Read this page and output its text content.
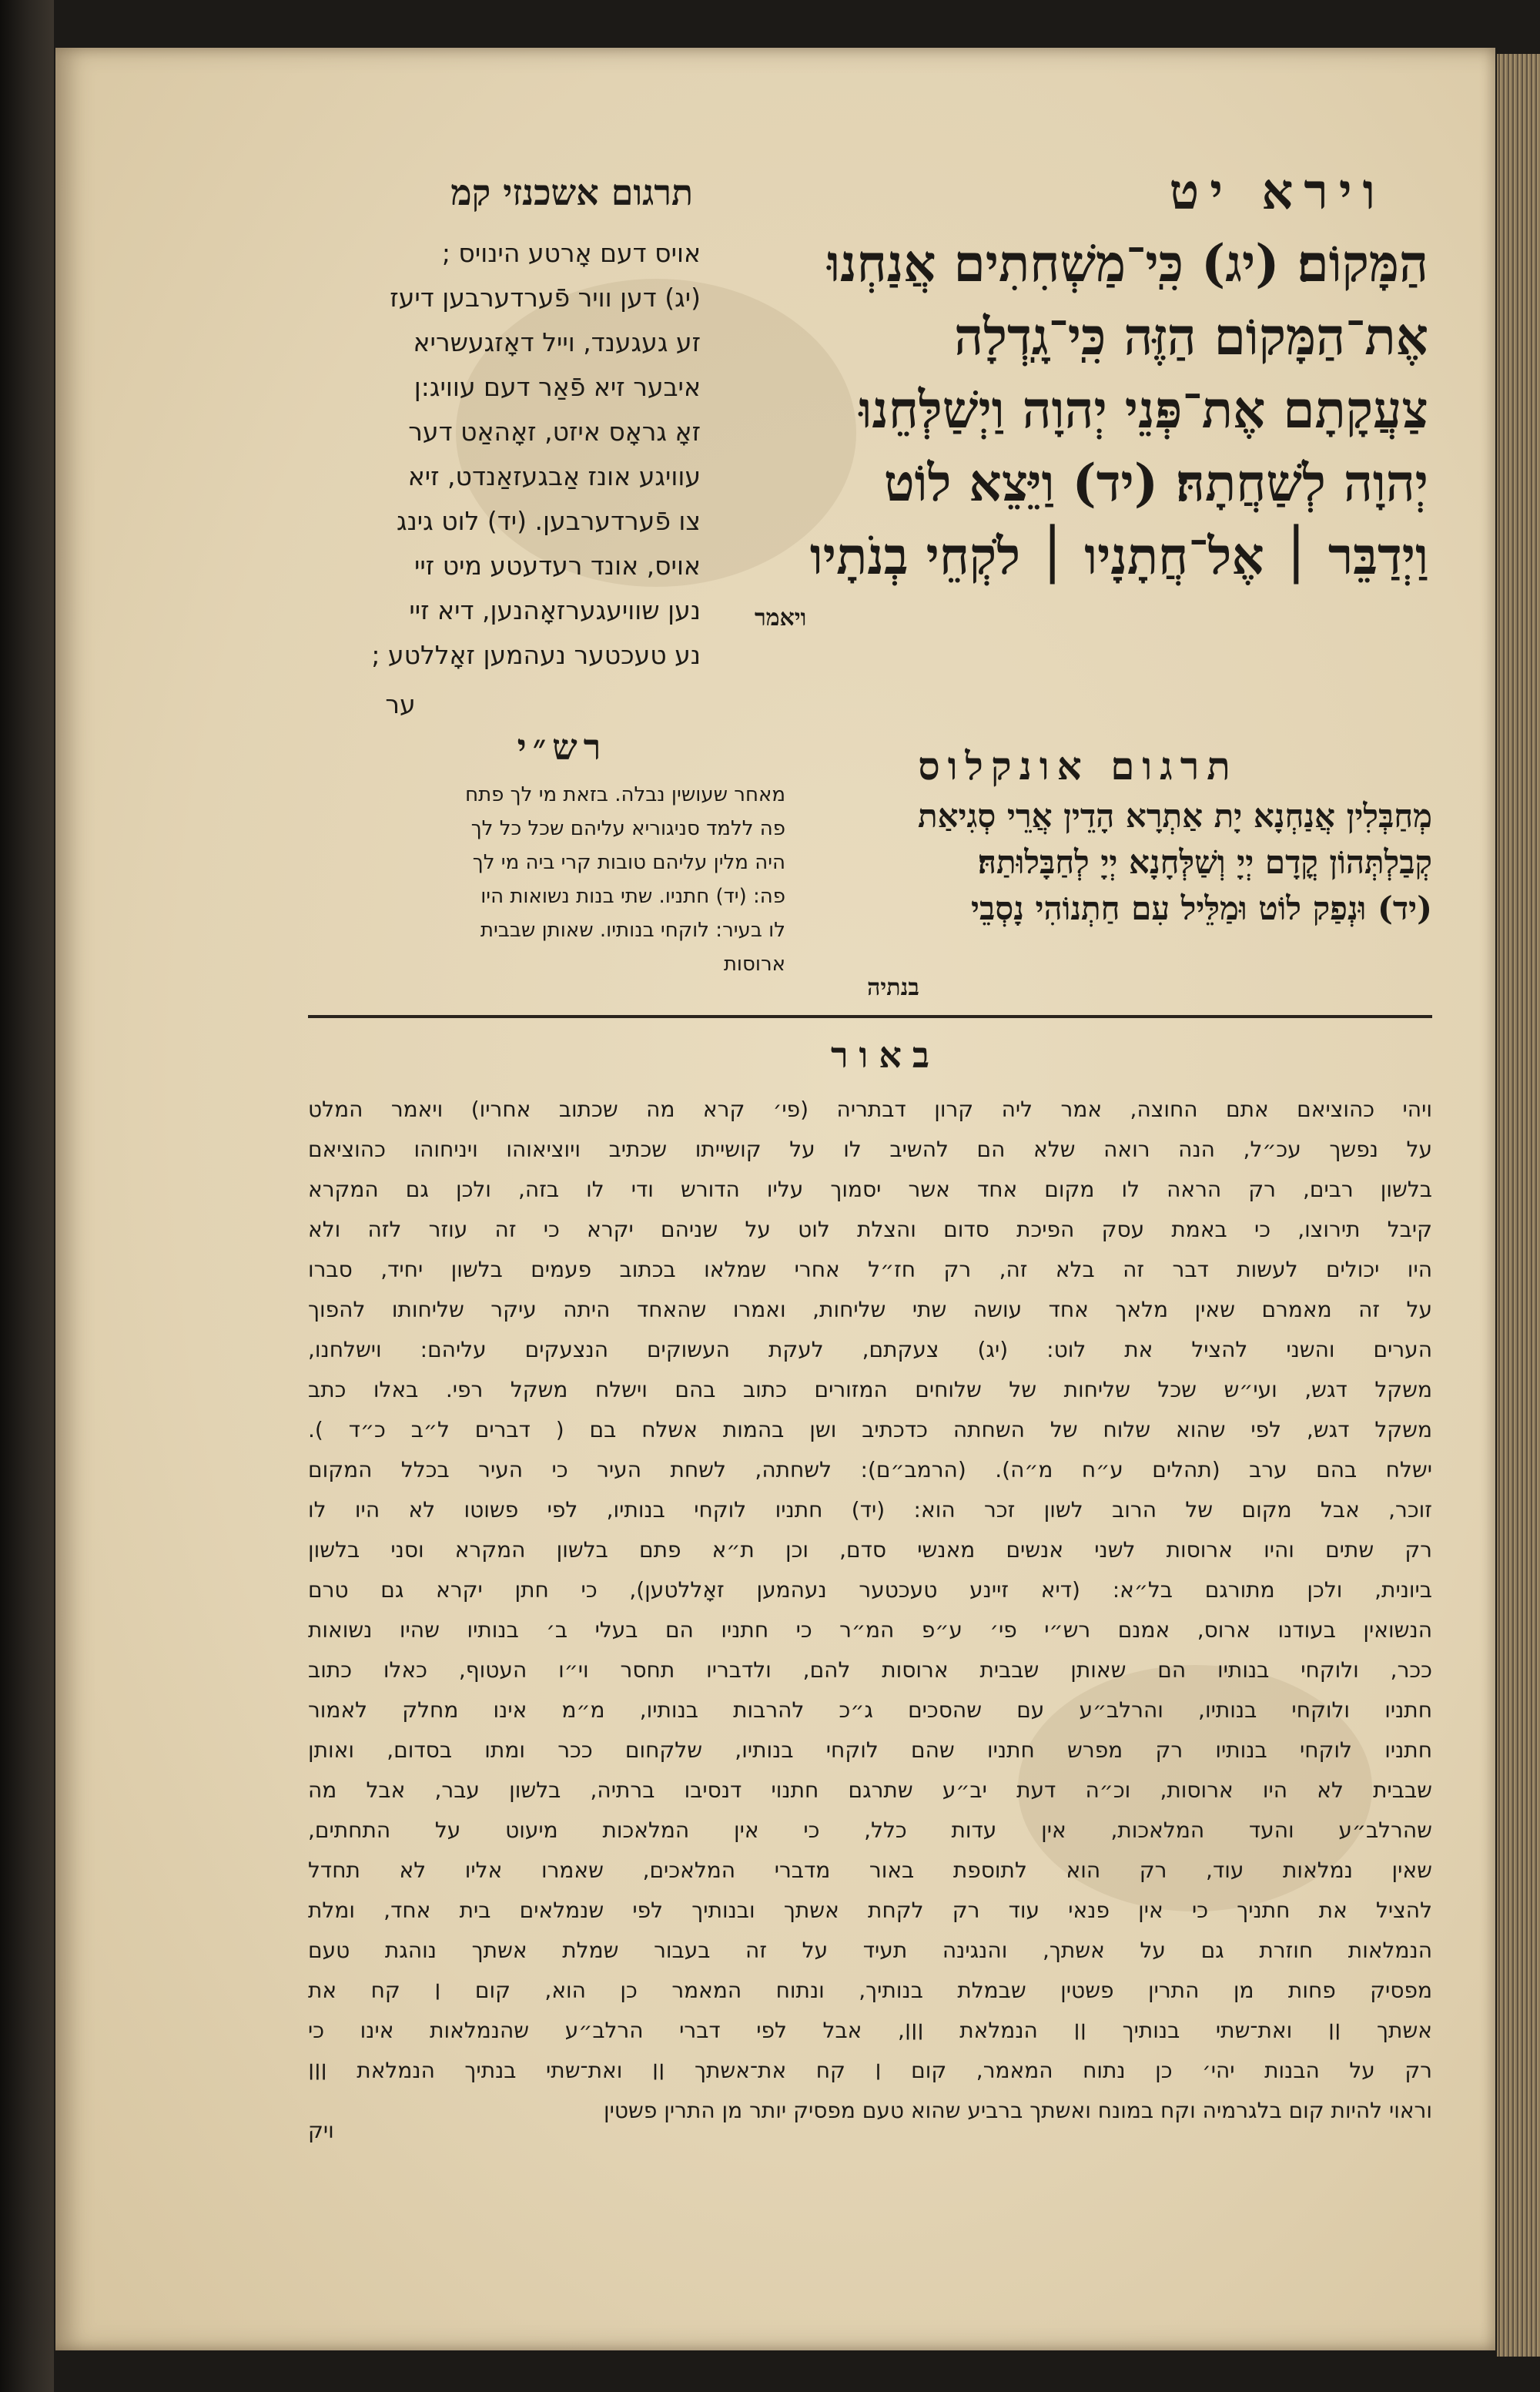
וירא יט
תרגום אשכנזי קמ
הַמָּקוֹם׃ (יג) כִּֽי־מַשְׁחִתִים אֲנַחְנוּ
אֶת־הַמָּקוֹם הַזֶּה כִּֽי־גָֽדְלָה
צַעֲקָתָם אֶת־פְּנֵי יְהוָה וַיְשַׁלְּחֵנוּ
יְהוָה לְשַׁחֲתָהּ׃ (יד) וַיֵּצֵא לוֹט
וַיְדַבֵּר ׀ אֶל־חֲתָנָיו ׀ לֹקְחֵי בְנֹתָיו
ויאמר
אויס דעם אָרטע הינויס ;
(יג) דען וויר פֿערדערבען דיעז
זע געגענד, וייל דאָזגעשריא
איבער זיא פֿאַר דעם עוויג:ן
זאָ גראָס איזט, זאָהאַט דער
עוויגע אונז אַבגעזאַנדט, זיא
צו פֿערדערבען. (יד) לוט גינג
אויס, אונד רעדעטע מיט זיי
נען שוויעגערזאָהנען, דיא זיי
נע טעכטער נעהמען זאָללטע ;
ער
תרגום אונקלוס
מְחַבְּלִין אֲנַחְנָא יָת אַתְרָא הָדֵין אֲרֵי סְגִיאַת
קְבַלְתְּהוֹן קֳדָם יְיָ וְשַׁלְּחָנָא יְיָ לְחַבָּלוּתַהּ׃
(יד) וּנְפַק לוֹט וּמַלֵּיל עִם חַתְנוֹהִי נָסְבֵי
בנתיה
רש״י
מאחר שעושין נבלה. בזאת מי לך פתח
פה ללמד סניגוריא עליהם שכל כל לך
היה מלין עליהם טובות קרי ביה מי לך
פה: (יד) חתניו. שתי בנות נשואות היו
לו בעיר: לוקחי בנותיו. שאותן שבבית
ארוסות
באור
ויהי כהוציאם אתם החוצה, אמר ליה קרון דבתריה (פי׳ קרא מה שכתוב אחריו) ויאמר המלט
על נפשך עכ״ל, הנה רואה שלא הם להשיב לו על קושייתו שכתיב ויוציאוהו ויניחוהו כהוציאם
בלשון רבים, רק הראה לו מקום אחד אשר יסמוך עליו הדורש ודי לו בזה, ולכן גם המקרא
קיבל תירוצו, כי באמת עסק הפיכת סדום והצלת לוט על שניהם יקרא כי זה עוזר לזה ולא
היו יכולים לעשות דבר זה בלא זה, רק חז״ל אחרי שמלאו בכתוב פעמים בלשון יחיד, סברו
על זה מאמרם שאין מלאך אחד עושה שתי שליחות, ואמרו שהאחד היתה עיקר שליחותו להפוך
הערים והשני להציל את לוט: (יג) צעקתם, לעקת העשוקים הנצעקים עליהם: וישלחנו,
משקל דגש, ועי״ש שכל שליחות של שלוחים המזורים כתוב בהם וישלח משקל רפי. באלו כתב
משקל דגש, לפי שהוא שלוח של השחתה כדכתיב ושן בהמות אשלח בם ( דברים ל״ב כ״ד ).
ישלח בהם ערב (תהלים ע״ח מ״ה). (הרמב״ם): לשחתה, לשחת העיר כי העיר בכלל המקום
זוכר, אבל מקום של הרוב לשון זכר הוא: (יד) חתניו לוקחי בנותיו, לפי פשוטו לא היו לו
רק שתים והיו ארוסות לשני אנשים מאנשי סדם, וכן ת״א פתם בלשון המקרא וסני בלשון
ביונית, ולכן מתורגם בל״א: (דיא זיינע טעכטער נעהמען זאָללטען), כי חתן יקרא גם טרם
הנשואין בעודנו ארוס, אמנם רש״י פי׳ ע״פ המ״ר כי חתניו הם בעלי ב׳ בנותיו שהיו נשואות
ככר, ולוקחי בנותיו הם שאותן שבבית ארוסות להם, ולדבריו תחסר וי״ו העטוף, כאלו כתוב
חתניו ולוקחי בנותיו, והרלב״ע עם שהסכים ג״כ להרבות בנותיו, מ״מ אינו מחלק לאמור
חתניו לוקחי בנותיו רק מפרש חתניו שהם לוקחי בנותיו, שלקחום ככר ומתו בסדום, ואותן
שבבית לא היו ארוסות, וכ״ה דעת יב״ע שתרגם חתנוי דנסיבו ברתיה, בלשון עבר, אבל מה
שהרלב״ע והעד המלאכות, אין עדות כלל, כי אין המלאכות מיעוט על התחתים,
שאין נמלאות עוד, רק הוא לתוספת באור מדברי המלאכים, שאמרו אליו לא תחדל
להציל את חתניך כי אין פנאי עוד רק לקחת אשתך ובנותיך לפי שנמלאים בית אחד, ומלת
הנמלאות חוזרת גם על אשתך, והנגינה תעיד על זה בעבור שמלת אשתך נוהגת טעם
מפסיק פחות מן התרין פשטין שבמלת בנותיך, ונתוח המאמר כן הוא, קום ׀ קח את
אשתך ׀׀ ואת־שתי בנותיך ׀׀ הנמלאת ׀׀׀, אבל לפי דברי הרלב״ע שהנמלאות אינו כי
רק על הבנות יהי׳ כן נתוח המאמר, קום ׀ קח את־אשתך ׀׀ ואת־שתי בנתיך הנמלאת ׀׀׀
וראוי להיות קום בלגרמיה וקח במונח ואשתך ברביע שהוא טעם מפסיק יותר מן התרין פשטין
ויק
